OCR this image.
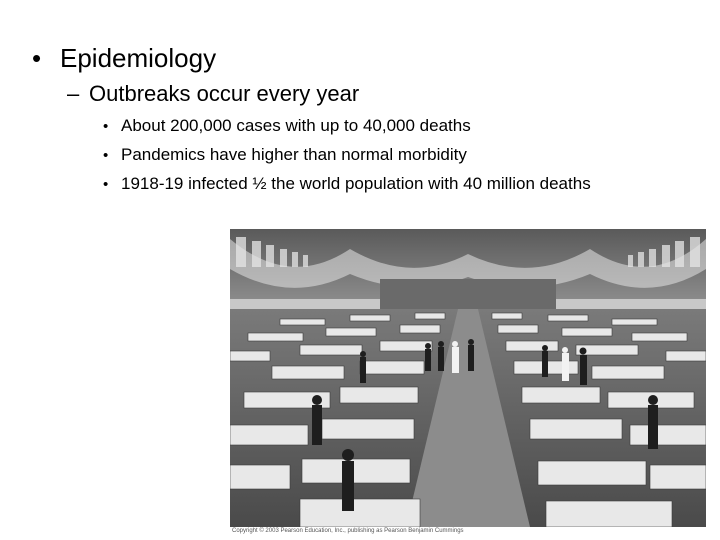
• Epidemiology
– Outbreaks occur every year
• About 200,000 cases with up to 40,000 deaths
• Pandemics have higher than normal morbidity
• 1918-19 infected ½ the world population with 40 million deaths
Copyright © 2003 Pearson Education, Inc., publishing as Pearson Benjamin Cummings
